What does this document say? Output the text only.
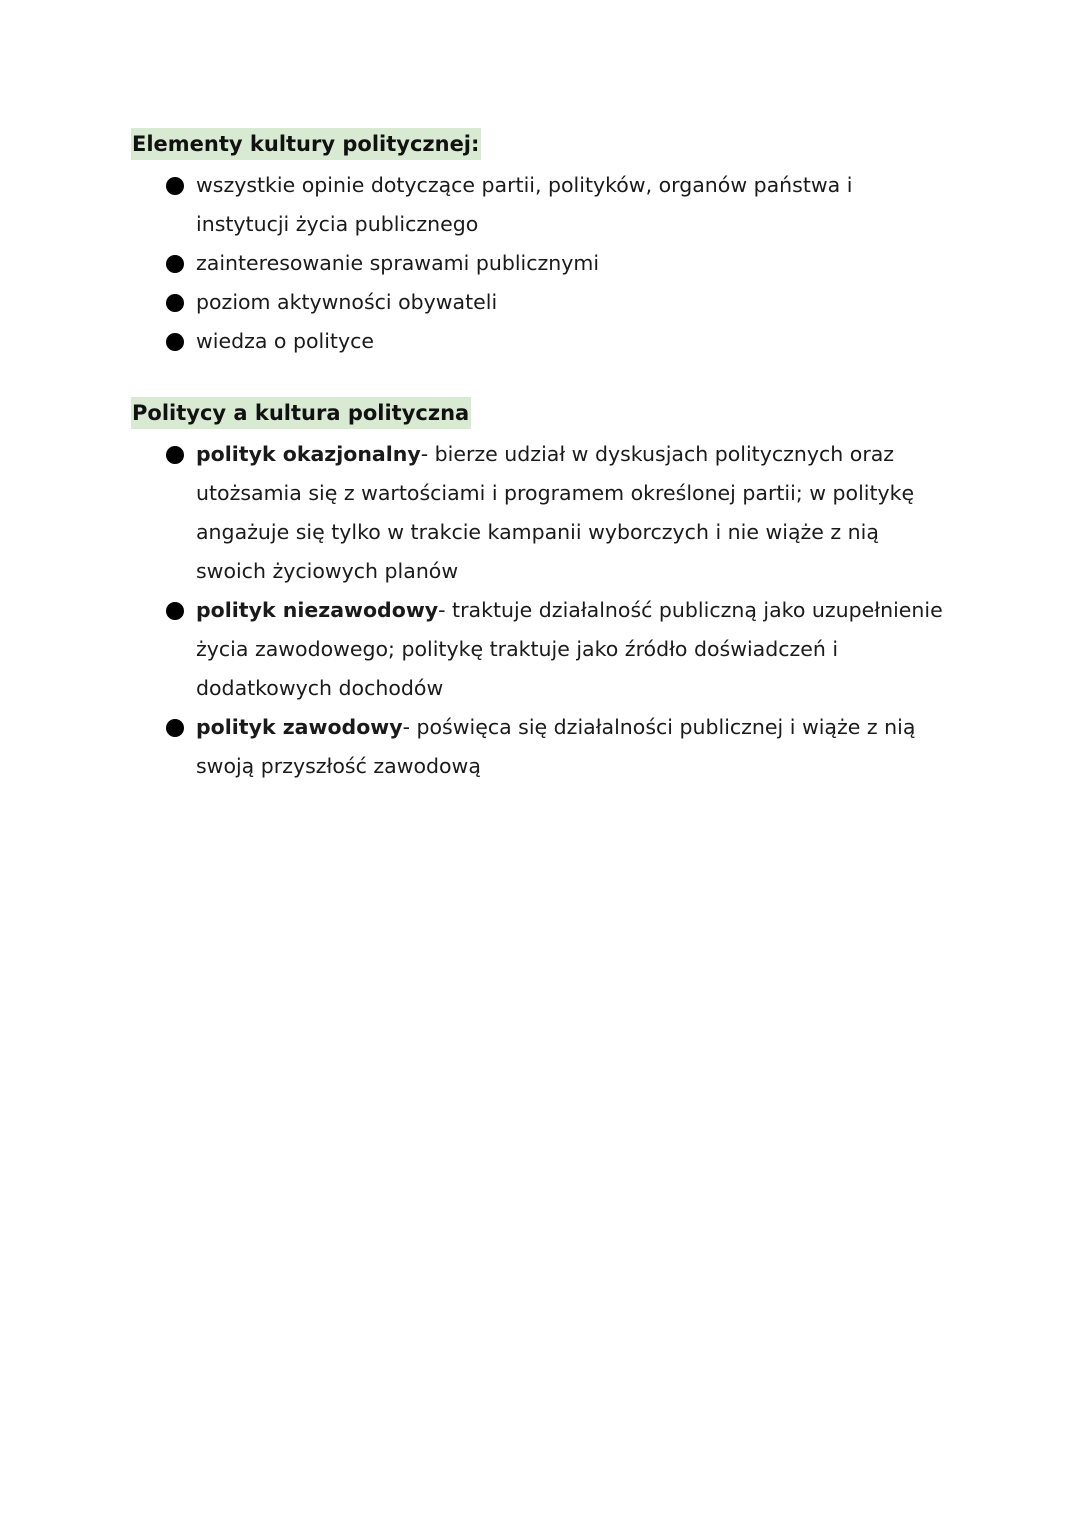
Elementy kultury politycznej:
wszystkie opinie dotyczące partii, polityków, organów państwa i instytucji życia publicznego
zainteresowanie sprawami publicznymi
poziom aktywności obywateli
wiedza o polityce
Politycy a kultura polityczna
polityk okazjonalny- bierze udział w dyskusjach politycznych oraz utożsamia się z wartościami i programem określonej partii; w politykę angażuje się tylko w trakcie kampanii wyborczych i nie wiąże z nią swoich życiowych planów
polityk niezawodowy- traktuje działalność publiczną jako uzupełnienie życia zawodowego; politykę traktuje jako źródło doświadczeń i dodatkowych dochodów
polityk zawodowy- poświęca się działalności publicznej i wiąże z nią swoją przyszłość zawodową
